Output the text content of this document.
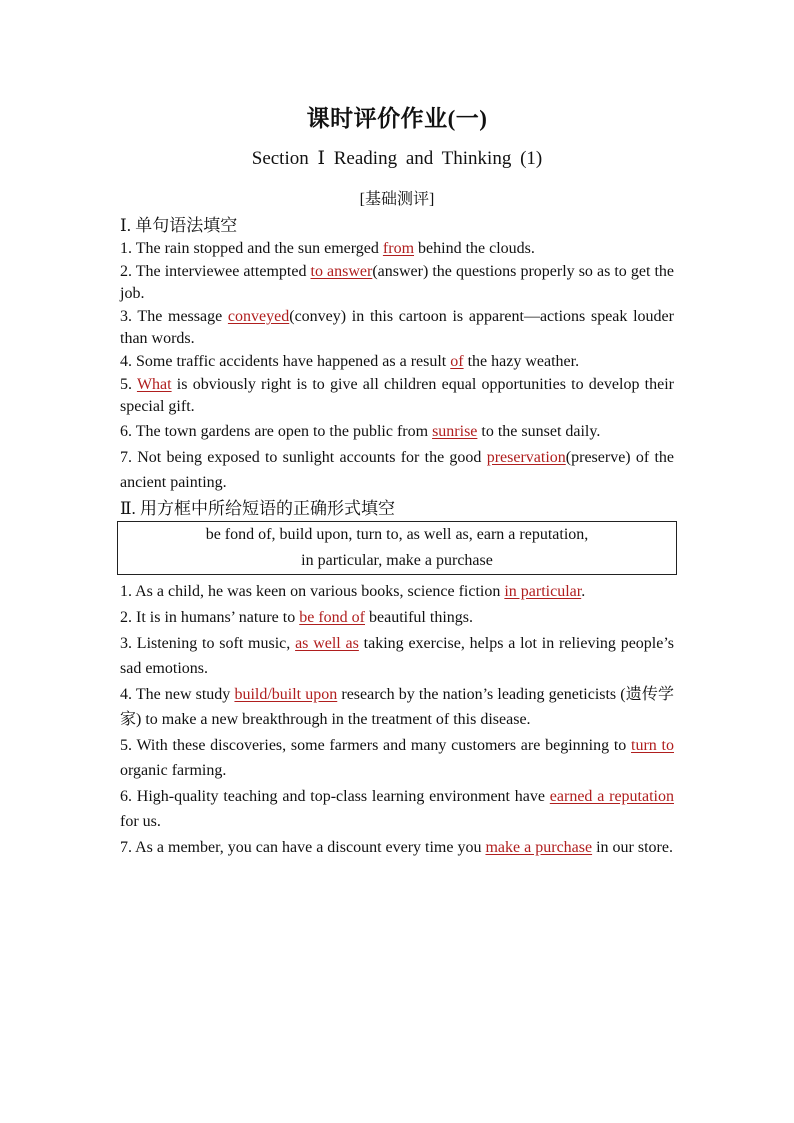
课时评价作业(一)
Section Ⅰ Reading and Thinking (1)
[基础测评]
Ⅰ. 单句语法填空

1. The rain stopped and the sun emerged from behind the clouds.

2. The interviewee attempted to answer(answer) the questions properly so as to get the job.

3. The message conveyed(convey) in this cartoon is apparent—actions speak louder than words.

4. Some traffic accidents have happened as a result of the hazy weather.

5. What is obviously right is to give all children equal opportunities to develop their special gift.

6. The town gardens are open to the public from sunrise to the sunset daily.

7. Not being exposed to sunlight accounts for the good preservation(preserve) of the ancient painting.

Ⅱ. 用方框中所给短语的正确形式填空
be fond of, build upon, turn to, as well as, earn a reputation,
in particular, make a purchase

1. As a child, he was keen on various books, science fiction in particular.

2. It is in humans’ nature to be fond of beautiful things.

3. Listening to soft music, as well as taking exercise, helps a lot in relieving people’s sad emotions.

4. The new study build/built upon research by the nation’s leading geneticists (遗传学家) to make a new breakthrough in the treatment of this disease.

5. With these discoveries, some farmers and many customers are beginning to turn to organic farming.

6. High-quality teaching and top-class learning environment have earned a reputation for us.

7. As a member, you can have a discount every time you make a purchase in our store.
